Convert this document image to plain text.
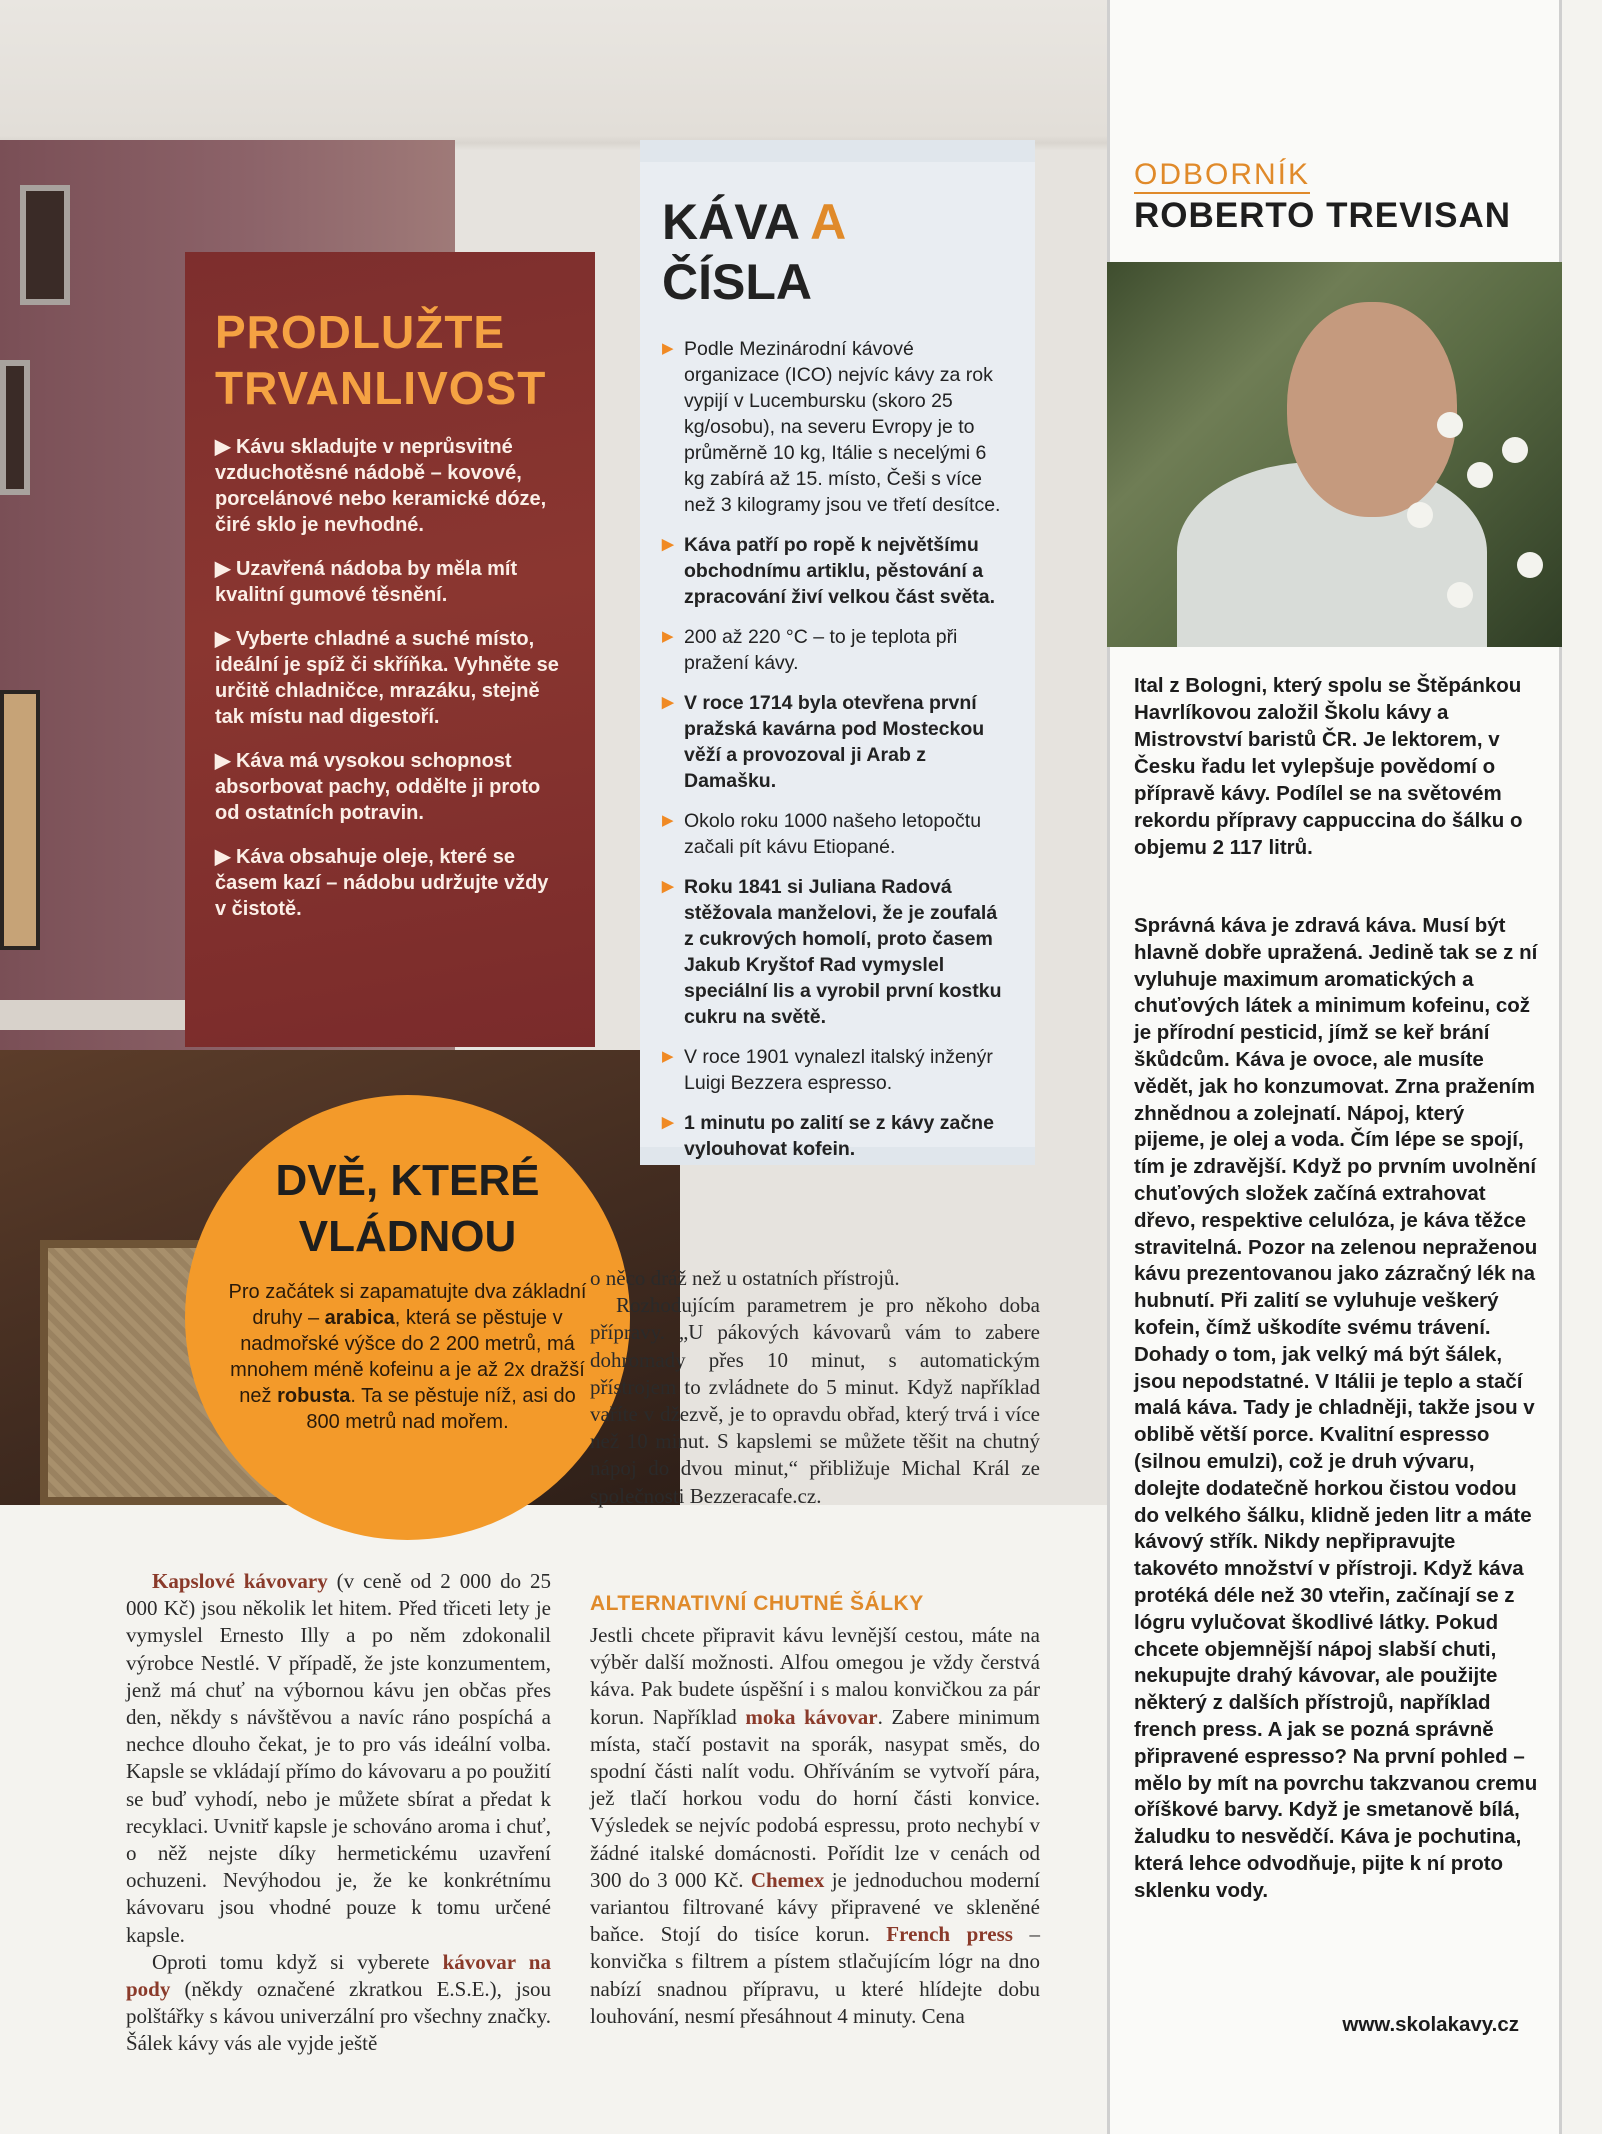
PRODLUŽTE TRVANLIVOST
▶ Kávu skladujte v neprůsvitné vzduchotěsné nádobě – kovové, porcelánové nebo keramické dóze, čiré sklo je nevhodné.
▶ Uzavřená nádoba by měla mít kvalitní gumové těsnění.
▶ Vyberte chladné a suché místo, ideální je spíž či skříňka. Vyhněte se určitě chladničce, mrazáku, stejně tak místu nad digestoří.
▶ Káva má vysokou schopnost absorbovat pachy, oddělte ji proto od ostatních potravin.
▶ Káva obsahuje oleje, které se časem kazí – nádobu udržujte vždy v čistotě.
KÁVA A ČÍSLA
▶ Podle Mezinárodní kávové organizace (ICO) nejvíc kávy za rok vypijí v Lucembursku (skoro 25 kg/osobu), na severu Evropy je to průměrně 10 kg, Itálie s necelými 6 kg zabírá až 15. místo, Češi s více než 3 kilogramy jsou ve třetí desítce.
▶ Káva patří po ropě k největšímu obchodnímu artiklu, pěstování a zpracování živí velkou část světa.
▶ 200 až 220 °C – to je teplota při pražení kávy.
▶ V roce 1714 byla otevřena první pražská kavárna pod Mosteckou věží a provozoval ji Arab z Damašku.
▶ Okolo roku 1000 našeho letopočtu začali pít kávu Etiopané.
▶ Roku 1841 si Juliana Radová stěžovala manželovi, že je zoufalá z cukrových homolí, proto časem Jakub Kryštof Rad vymyslel speciální lis a vyrobil první kostku cukru na světě.
▶ V roce 1901 vynalezl italský inženýr Luigi Bezzera espresso.
▶ 1 minutu po zalití se z kávy začne vylouhovat kofein.
DVĚ, KTERÉ VLÁDNOU
Pro začátek si zapamatujte dva základní druhy – arabica, která se pěstuje v nadmořské výšce do 2 200 metrů, má mnohem méně kofeinu a je až 2x dražší než robusta. Ta se pěstuje níž, asi do 800 metrů nad mořem.
ODBORNÍK
ROBERTO TREVISAN
Ital z Bologni, který spolu se Štěpánkou Havrlíkovou založil Školu kávy a Mistrovství baristů ČR. Je lektorem, v Česku řadu let vylepšuje povědomí o přípravě kávy. Podílel se na světovém rekordu přípravy cappuccina do šálku o objemu 2 117 litrů.
Správná káva je zdravá káva. Musí být hlavně dobře upražená. Jedině tak se z ní vyluhuje maximum aromatických a chuťových látek a minimum kofeinu, což je přírodní pesticid, jímž se keř brání škůdcům. Káva je ovoce, ale musíte vědět, jak ho konzumovat. Zrna pražením zhnědnou a zolejnatí. Nápoj, který pijeme, je olej a voda. Čím lépe se spojí, tím je zdravější. Když po prvním uvolnění chuťových složek začíná extrahovat dřevo, respektive celulóza, je káva těžce stravitelná. Pozor na zelenou nepraženou kávu prezentovanou jako zázračný lék na hubnutí. Při zalití se vyluhuje veškerý kofein, čímž uškodíte svému trávení. Dohady o tom, jak velký má být šálek, jsou nepodstatné. V Itálii je teplo a stačí malá káva. Tady je chladněji, takže jsou v oblibě větší porce. Kvalitní espresso (silnou emulzi), což je druh vývaru, dolejte dodatečně horkou čistou vodou do velkého šálku, klidně jeden litr a máte kávový střík. Nikdy nepřipravujte takovéto množství v přístroji. Když káva protéká déle než 30 vteřin, začínají se z lógru vylučovat škodlivé látky. Pokud chcete objemnější nápoj slabší chuti, nekupujte drahý kávovar, ale použijte některý z dalších přístrojů, například french press. A jak se pozná správně připravené espresso? Na první pohled – mělo by mít na povrchu takzvanou cremu oříškové barvy. Když je smetanově bílá, žaludku to nesvědčí. Káva je pochutina, která lehce odvodňuje, pijte k ní proto sklenku vody.
www.skolakavy.cz
Kapslové kávovary (v ceně od 2 000 do 25 000 Kč) jsou několik let hitem. Před třiceti lety je vymyslel Ernesto Illy a po něm zdokonalil výrobce Nestlé. V případě, že jste konzumentem, jenž má chuť na výbornou kávu jen občas přes den, někdy s návštěvou a navíc ráno pospíchá a nechce dlouho čekat, je to pro vás ideální volba. Kapsle se vkládají přímo do kávovaru a po použití se buď vyhodí, nebo je můžete sbírat a předat k recyklaci. Uvnitř kapsle je schováno aroma i chuť, o něž nejste díky hermetickému uzavření ochuzeni. Nevýhodou je, že ke konkrétnímu kávovaru jsou vhodné pouze k tomu určené kapsle.
Oproti tomu když si vyberete kávovar na pody (někdy označené zkratkou E.S.E.), jsou polštářky s kávou univerzální pro všechny značky. Šálek kávy vás ale vyjde ještě
o něco dráž než u ostatních přístrojů.
Rozhodujícím parametrem je pro někoho doba přípravy. „U pákových kávovarů vám to zabere dohromady přes 10 minut, s automatickým přístrojem to zvládnete do 5 minut. Když například vaříte v džezvě, je to opravdu obřad, který trvá i více než 10 minut. S kapslemi se můžete těšit na chutný nápoj do dvou minut,“ přibližuje Michal Král ze společnosti Bezzeracafe.cz.
ALTERNATIVNÍ CHUTNÉ ŠÁLKY
Jestli chcete připravit kávu levnější cestou, máte na výběr další možnosti. Alfou omegou je vždy čerstvá káva. Pak budete úspěšní i s malou konvičkou za pár korun. Například moka kávovar. Zabere minimum místa, stačí postavit na sporák, nasypat směs, do spodní části nalít vodu. Ohříváním se vytvoří pára, jež tlačí horkou vodu do horní části konvice. Výsledek se nejvíc podobá espressu, proto nechybí v žádné italské domácnosti. Pořídit lze v cenách od 300 do 3 000 Kč. Chemex je jednoduchou moderní variantou filtrované kávy připravené ve skleněné baňce. Stojí do tisíce korun. French press – konvička s filtrem a pístem stlačujícím lógr na dno nabízí snadnou přípravu, u které hlídejte dobu louhování, nesmí přesáhnout 4 minuty. Cena
